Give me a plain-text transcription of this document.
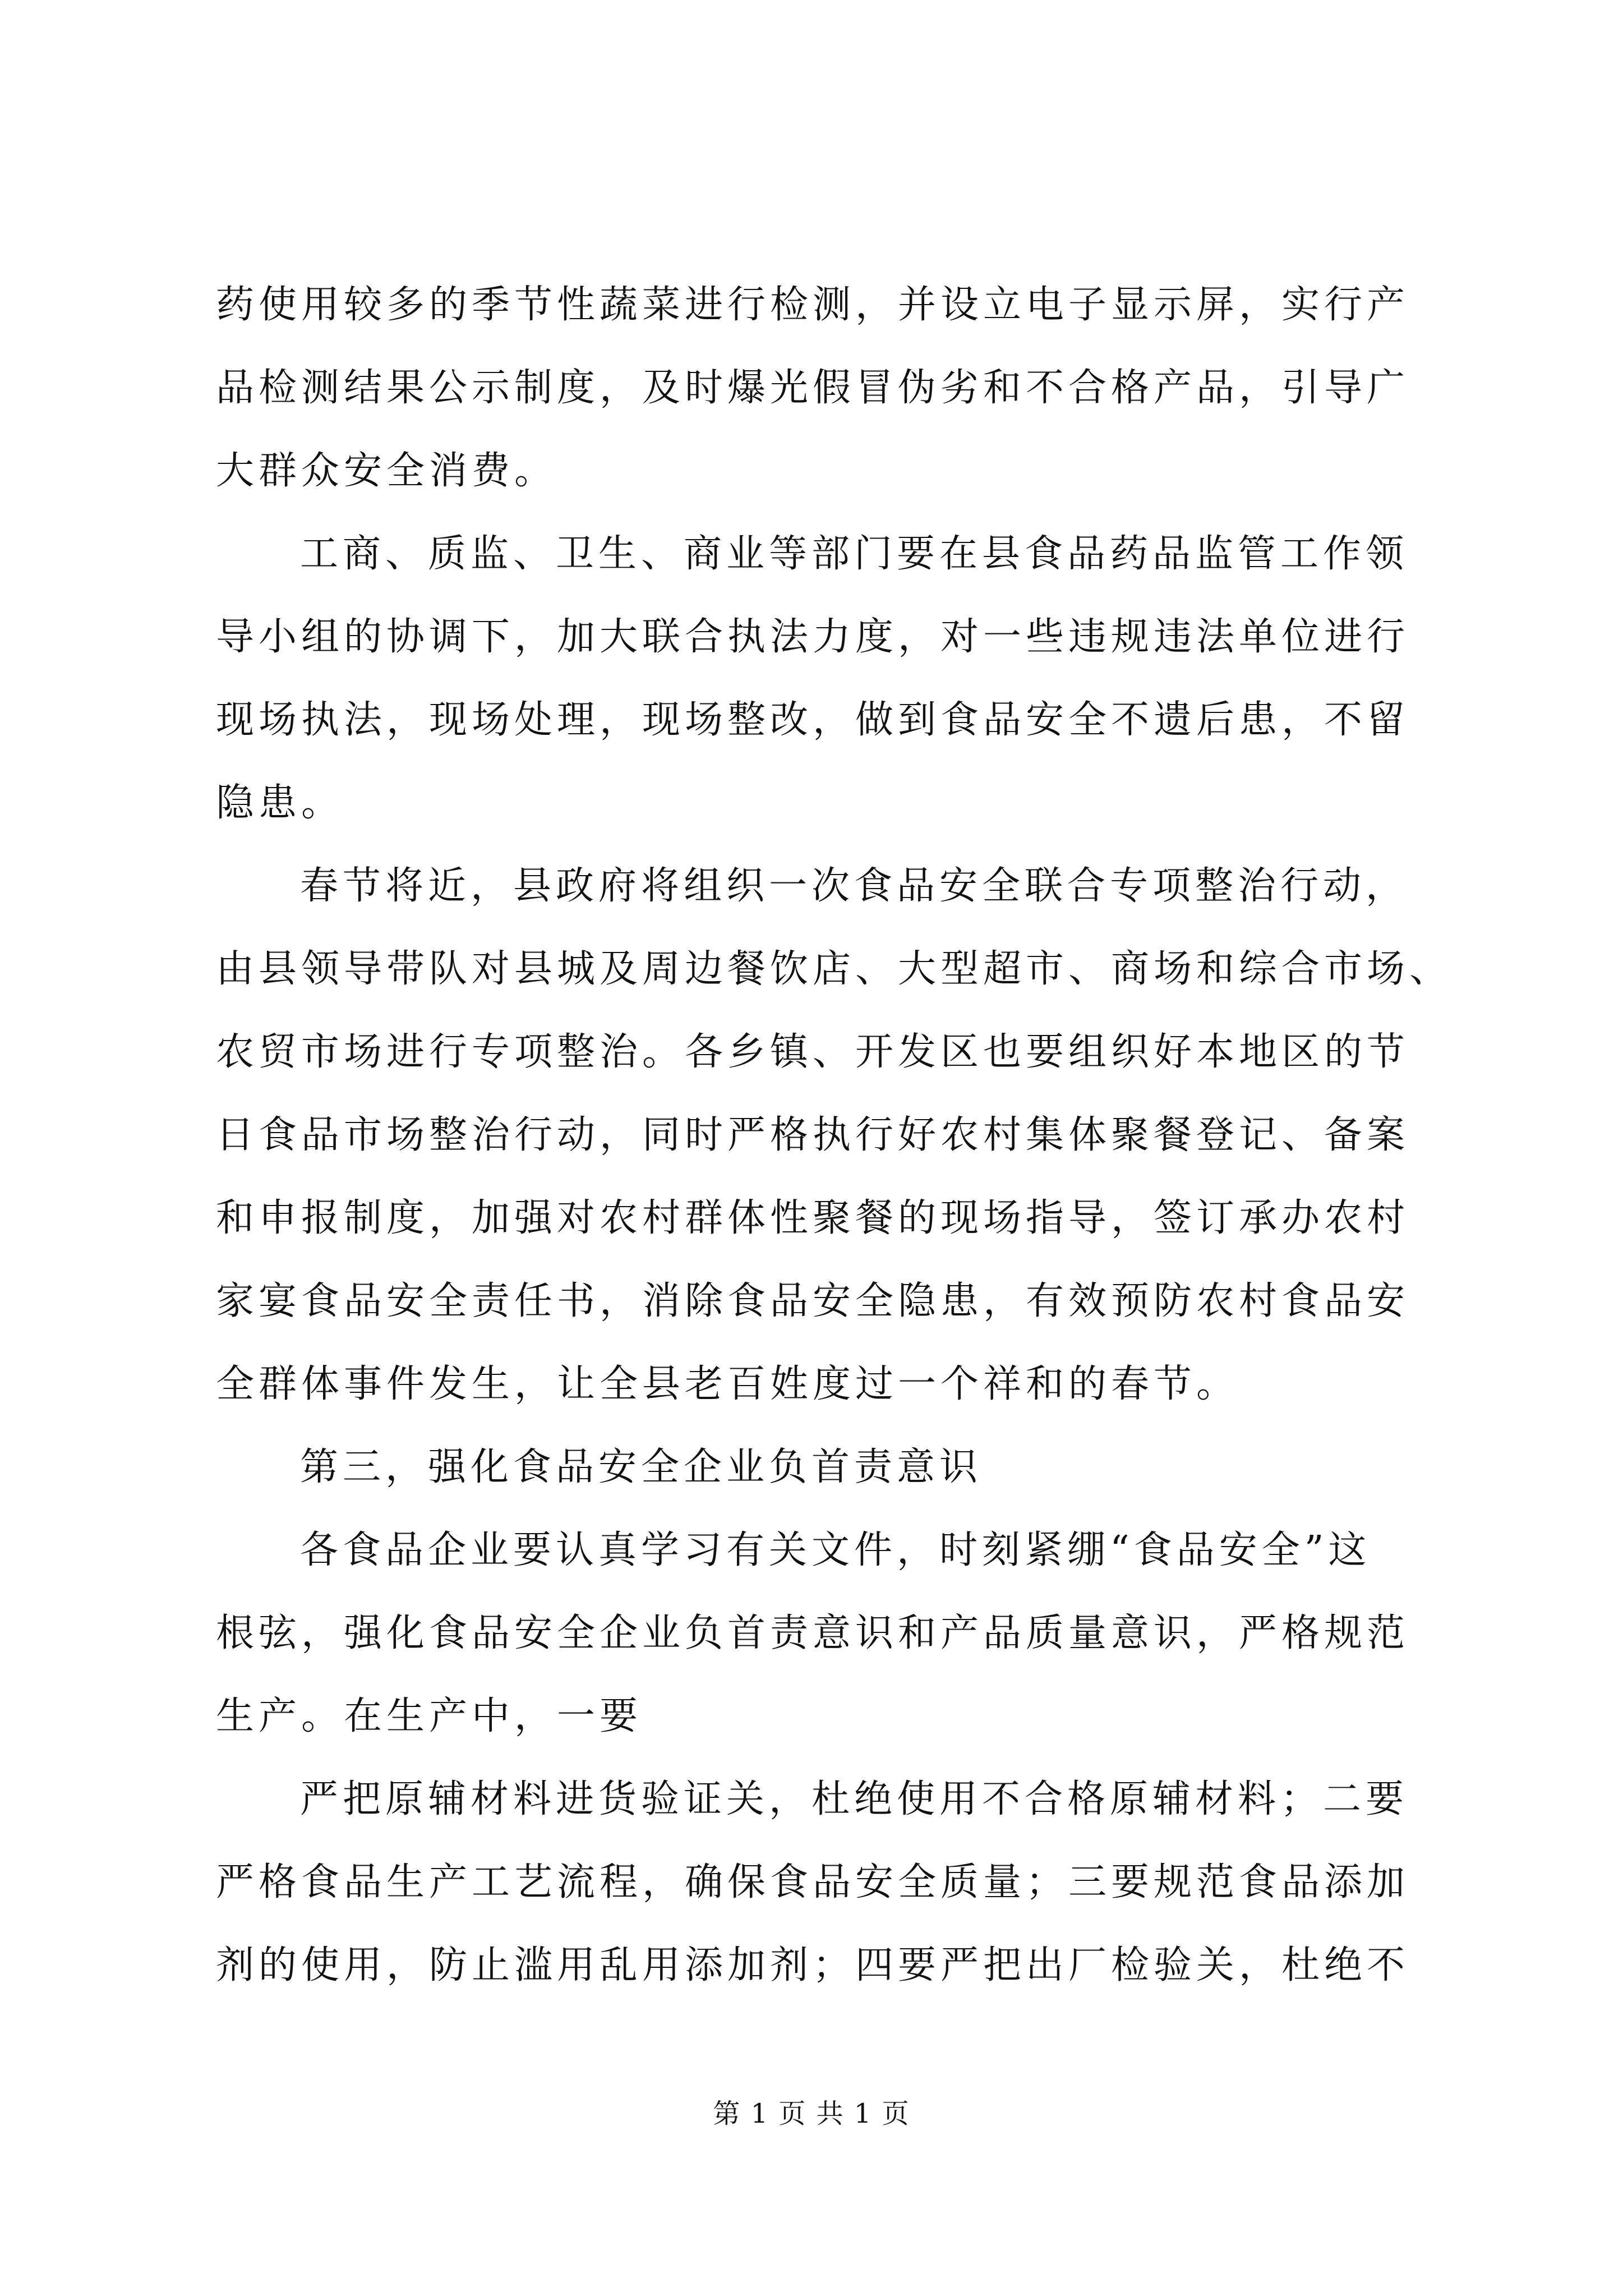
药使用较多的季节性蔬菜进行检测，并设立电子显示屏，实行产
品检测结果公示制度，及时爆光假冒伪劣和不合格产品，引导广
大群众安全消费。
工商、质监、卫生、商业等部门要在县食品药品监管工作领
导小组的协调下，加大联合执法力度，对一些违规违法单位进行
现场执法，现场处理，现场整改，做到食品安全不遗后患，不留
隐患。
春节将近，县政府将组织一次食品安全联合专项整治行动，
由县领导带队对县城及周边餐饮店、大型超市、商场和综合市场、
农贸市场进行专项整治。各乡镇、开发区也要组织好本地区的节
日食品市场整治行动，同时严格执行好农村集体聚餐登记、备案
和申报制度，加强对农村群体性聚餐的现场指导，签订承办农村
家宴食品安全责任书，消除食品安全隐患，有效预防农村食品安
全群体事件发生，让全县老百姓度过一个祥和的春节。
第三，强化食品安全企业负首责意识
各食品企业要认真学习有关文件，时刻紧绷“食品安全”这
根弦，强化食品安全企业负首责意识和产品质量意识，严格规范
生产。在生产中，一要
严把原辅材料进货验证关，杜绝使用不合格原辅材料；二要
严格食品生产工艺流程，确保食品安全质量；三要规范食品添加
剂的使用，防止滥用乱用添加剂；四要严把出厂检验关，杜绝不
第 1 页 共 1 页
